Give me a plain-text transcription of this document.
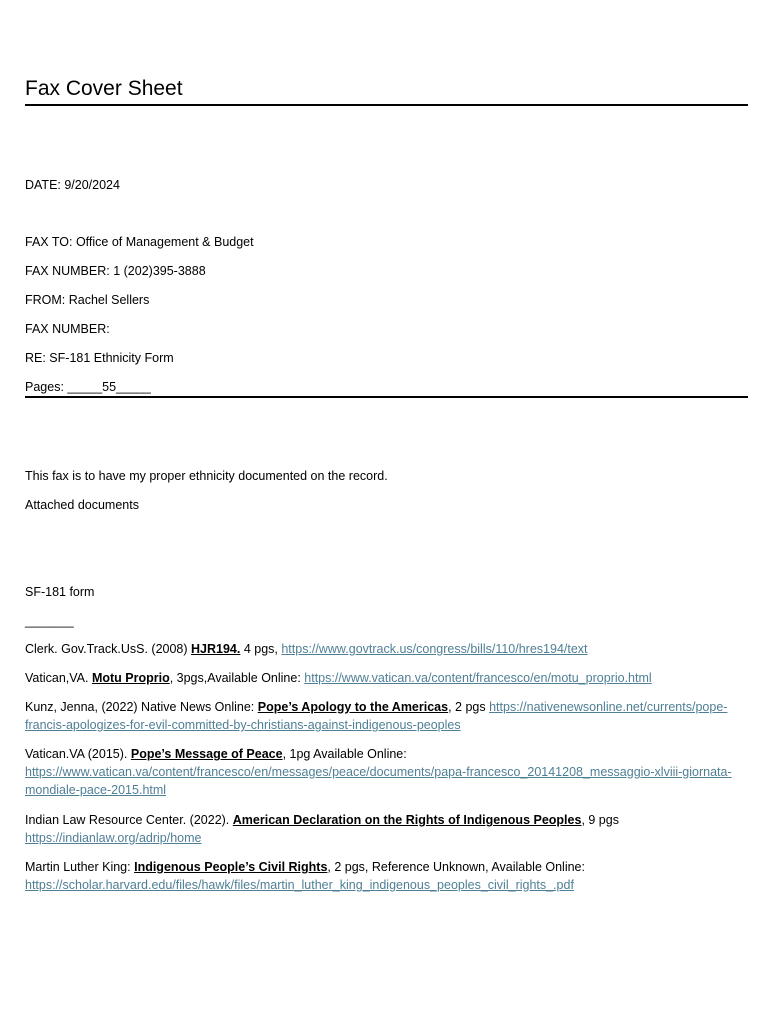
Fax Cover Sheet
DATE: 9/20/2024
FAX TO: Office of Management & Budget
FAX NUMBER: 1 (202)395-3888
FROM: Rachel Sellers
FAX NUMBER:
RE: SF-181 Ethnicity Form
Pages: _____55_____
This fax is to have my proper ethnicity documented on the record.
Attached documents
SF-181 form
_______
Clerk. Gov.Track.UsS. (2008) HJR194. 4 pgs, https://www.govtrack.us/congress/bills/110/hres194/text
Vatican,VA. Motu Proprio, 3pgs,Available Online: https://www.vatican.va/content/francesco/en/motu_proprio.html
Kunz, Jenna, (2022) Native News Online: Pope’s Apology to the Americas, 2 pgs https://nativenewsonline.net/currents/pope-francis-apologizes-for-evil-committed-by-christians-against-indigenous-peoples
Vatican.VA (2015). Pope’s Message of Peace, 1pg Available Online:
https://www.vatican.va/content/francesco/en/messages/peace/documents/papa-francesco_20141208_messaggio-xlviii-giornata-mondiale-pace-2015.html
Indian Law Resource Center. (2022). American Declaration on the Rights of Indigenous Peoples, 9 pgs
https://indianlaw.org/adrip/home
Martin Luther King: Indigenous People’s Civil Rights, 2 pgs, Reference Unknown, Available Online:
https://scholar.harvard.edu/files/hawk/files/martin_luther_king_indigenous_peoples_civil_rights_.pdf
